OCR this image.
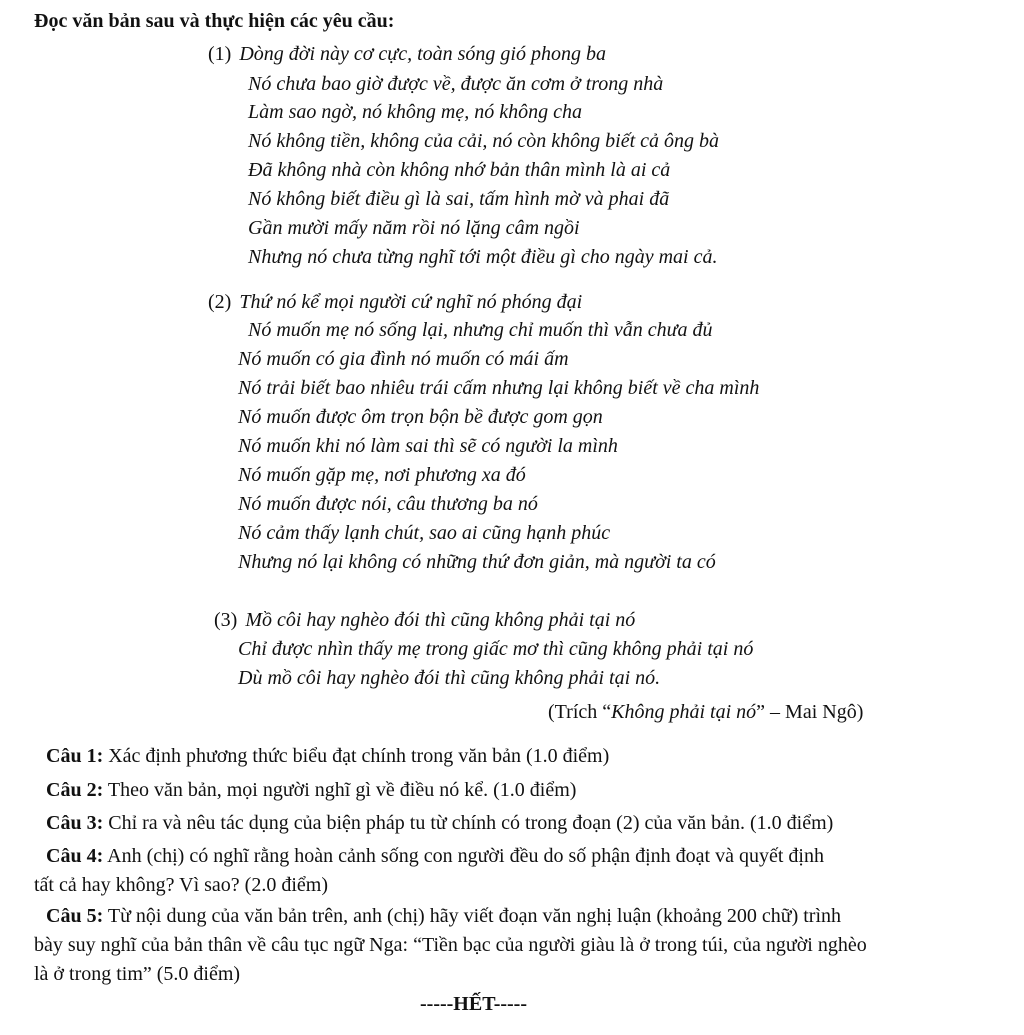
Đọc văn bản sau và thực hiện các yêu cầu:
(1) Dòng đời này cơ cực, toàn sóng gió phong ba
Nó chưa bao giờ được về, được ăn cơm ở trong nhà
Làm sao ngờ, nó không mẹ, nó không cha
Nó không tiền, không của cải, nó còn không biết cả ông bà
Đã không nhà còn không nhớ bản thân mình là ai cả
Nó không biết điều gì là sai, tấm hình mờ và phai đã
Gần mười mấy năm rồi nó lặng câm ngồi
Nhưng nó chưa từng nghĩ tới một điều gì cho ngày mai cả.
(2) Thứ nó kể mọi người cứ nghĩ nó phóng đại
Nó muốn mẹ nó sống lại, nhưng chỉ muốn thì vẫn chưa đủ
Nó muốn có gia đình nó muốn có mái ấm
Nó trải biết bao nhiêu trái cấm nhưng lại không biết về cha mình
Nó muốn được ôm trọn bộn bề được gom gọn
Nó muốn khi nó làm sai thì sẽ có người la mình
Nó muốn gặp mẹ, nơi phương xa đó
Nó muốn được nói, câu thương ba nó
Nó cảm thấy lạnh chút, sao ai cũng hạnh phúc
Nhưng nó lại không có những thứ đơn giản, mà người ta có
(3) Mồ côi hay nghèo đói thì cũng không phải tại nó
Chỉ được nhìn thấy mẹ trong giấc mơ thì cũng không phải tại nó
Dù mồ côi hay nghèo đói thì cũng không phải tại nó.
(Trích “Không phải tại nó” – Mai Ngô)
Câu 1: Xác định phương thức biểu đạt chính trong văn bản (1.0 điểm)
Câu 2: Theo văn bản, mọi người nghĩ gì về điều nó kể. (1.0 điểm)
Câu 3: Chỉ ra và nêu tác dụng của biện pháp tu từ chính có trong đoạn (2) của văn bản. (1.0 điểm)
Câu 4: Anh (chị) có nghĩ rằng hoàn cảnh sống con người đều do số phận định đoạt và quyết định
tất cả hay không? Vì sao? (2.0 điểm)
Câu 5: Từ nội dung của văn bản trên, anh (chị) hãy viết đoạn văn nghị luận (khoảng 200 chữ) trình
bày suy nghĩ của bản thân về câu tục ngữ Nga: “Tiền bạc của người giàu là ở trong túi, của người nghèo
là ở trong tim” (5.0 điểm)
-----HẾT-----
